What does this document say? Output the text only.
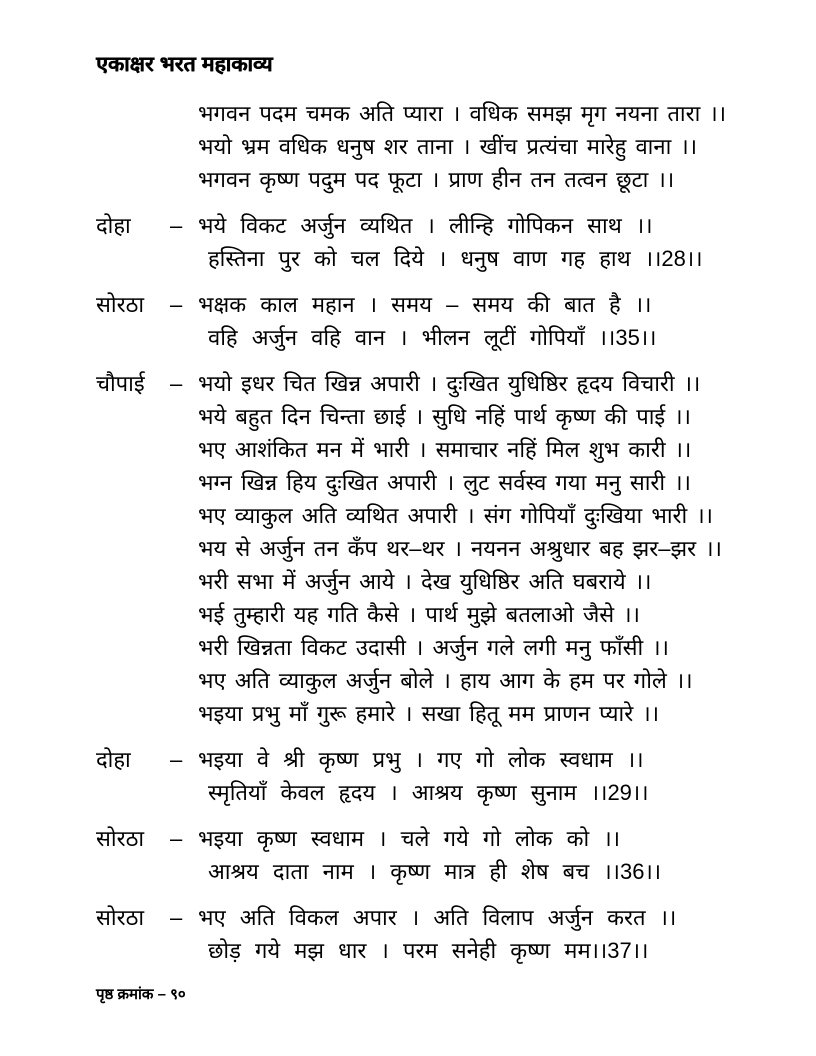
एकाक्षर भरत महाकाव्य
भगवन पदम चमक अति प्यारा । वधिक समझ मृग नयना तारा ।।
भयो भ्रम वधिक धनुष शर ताना । खींच प्रत्यंचा मारेहु वाना ।।
भगवन कृष्ण पदुम पद फूटा । प्राण हीन तन तत्वन छूटा ।।
दोहा	– भये विकट अर्जुन व्यथित । लीन्हि गोपिकन साथ ।।
हस्तिना पुर को चल दिये । धनुष वाण गह हाथ ।।28।।
सोरठा	– भक्षक काल महान । समय – समय की बात है ।।
वहि अर्जुन वहि वान । भीलन लूटीं गोपियाँ ।।35।।
चौपाई	– भयो इधर चित खिन्न अपारी । दुःखित युधिष्ठिर हृदय विचारी ।।
भये बहुत दिन चिन्ता छाई । सुधि नहिं पार्थ कृष्ण की पाई ।।
भए आशंकित मन में भारी । समाचार नहिं मिल शुभ कारी ।।
भग्न खिन्न हिय दुःखित अपारी । लुट सर्वस्व गया मनु सारी ।।
भए व्याकुल अति व्यथित अपारी । संग गोपियाँ दुःखिया भारी ।।
भय से अर्जुन तन कँप थर–थर । नयनन अश्रुधार बह झर–झर ।।
भरी सभा में अर्जुन आये । देख युधिष्ठिर अति घबराये ।।
भई तुम्हारी यह गति कैसे । पार्थ मुझे बतलाओ जैसे ।।
भरी खिन्नता विकट उदासी । अर्जुन गले लगी मनु फाँसी ।।
भए अति व्याकुल अर्जुन बोले । हाय आग के हम पर गोले ।।
भइया प्रभु माँ गुरू हमारे । सखा हितू मम प्राणन प्यारे ।।
दोहा	– भइया वे श्री कृष्ण प्रभु । गए गो लोक स्वधाम ।।
स्मृतियाँ केवल हृदय । आश्रय कृष्ण सुनाम ।।29।।
सोरठा	– भइया कृष्ण स्वधाम । चले गये गो लोक को ।।
आश्रय दाता नाम । कृष्ण मात्र ही शेष बच ।।36।।
सोरठा	– भए अति विकल अपार । अति विलाप अर्जुन करत ।।
छोड़ गये मझ धार । परम सनेही कृष्ण मम।।37।।
पृष्ठ क्रमांक – ९०
